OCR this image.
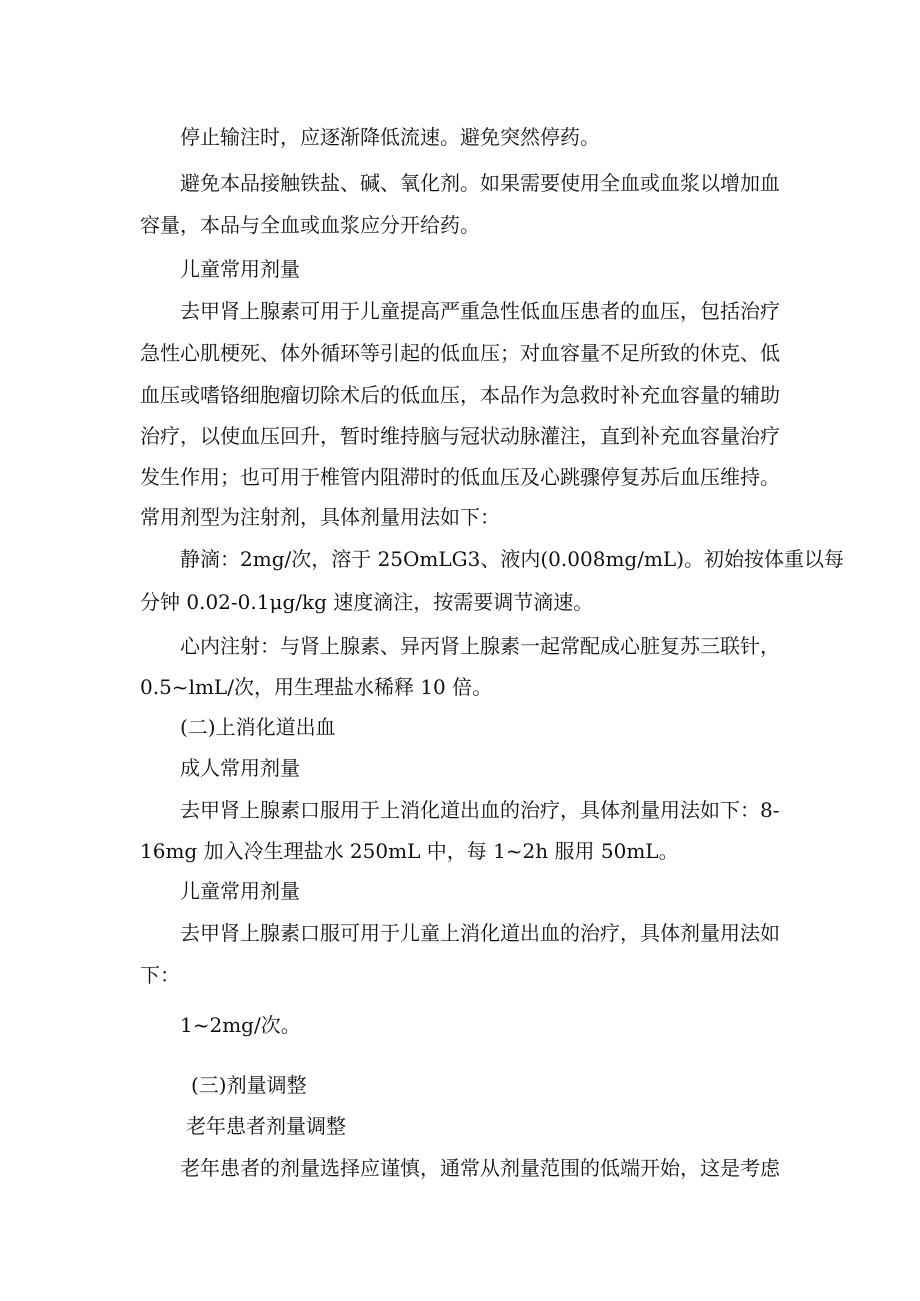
停止输注时，应逐渐降低流速。避免突然停药。

避免本品接触铁盐、碱、氧化剂。如果需要使用全血或血浆以增加血

容量，本品与全血或血浆应分开给药。

儿童常用剂量

去甲肾上腺素可用于儿童提高严重急性低血压患者的血压，包括治疗

急性心肌梗死、体外循环等引起的低血压；对血容量不足所致的休克、低

血压或嗜铬细胞瘤切除术后的低血压，本品作为急救时补充血容量的辅助

治疗，以使血压回升，暂时维持脑与冠状动脉灌注，直到补充血容量治疗

发生作用；也可用于椎管内阻滞时的低血压及心跳骤停复苏后血压维持。

常用剂型为注射剂，具体剂量用法如下：

静滴：2mg∕次，溶于 25OmLG3、液内(0.008mg∕mL)。初始按体重以每

分钟 0.02-0.1μg∕kg 速度滴注，按需要调节滴速。

心内注射：与肾上腺素、异丙肾上腺素一起常配成心脏复苏三联针，

0.5~lmL/次，用生理盐水稀释 10 倍。

(二)上消化道出血

成人常用剂量

去甲肾上腺素口服用于上消化道出血的治疗，具体剂量用法如下：8-

16mg 加入冷生理盐水 250mL 中，每 1~2h 服用 50mL。

儿童常用剂量

去甲肾上腺素口服可用于儿童上消化道出血的治疗，具体剂量用法如

下：

1~2mg∕次。

(三)剂量调整

老年患者剂量调整

老年患者的剂量选择应谨慎，通常从剂量范围的低端开始，这是考虑
